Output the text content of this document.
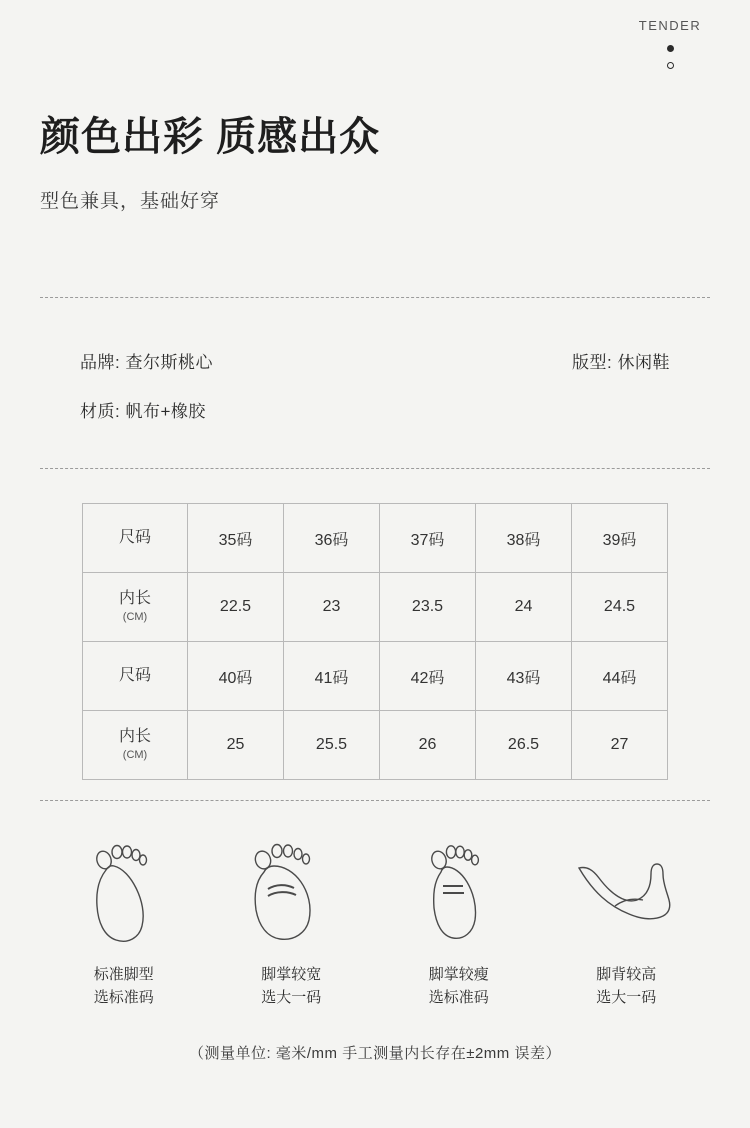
颜色出彩 质感出众
型色兼具，基础好穿
TENDER
品牌: 查尔斯桃心	版型: 休闲鞋
材质: 帆布+橡胶
尺码	35码	36码	37码	38码	39码
内长
(CM)	22.5	23	23.5	24	24.5
尺码	40码	41码	42码	43码	44码
内长
(CM)	25	25.5	26	26.5	27
标准脚型
选标准码
脚掌较宽
选大一码
脚掌较瘦
选标准码
脚背较高
选大一码
（测量单位: 毫米/mm 手工测量内长存在±2mm 误差）
